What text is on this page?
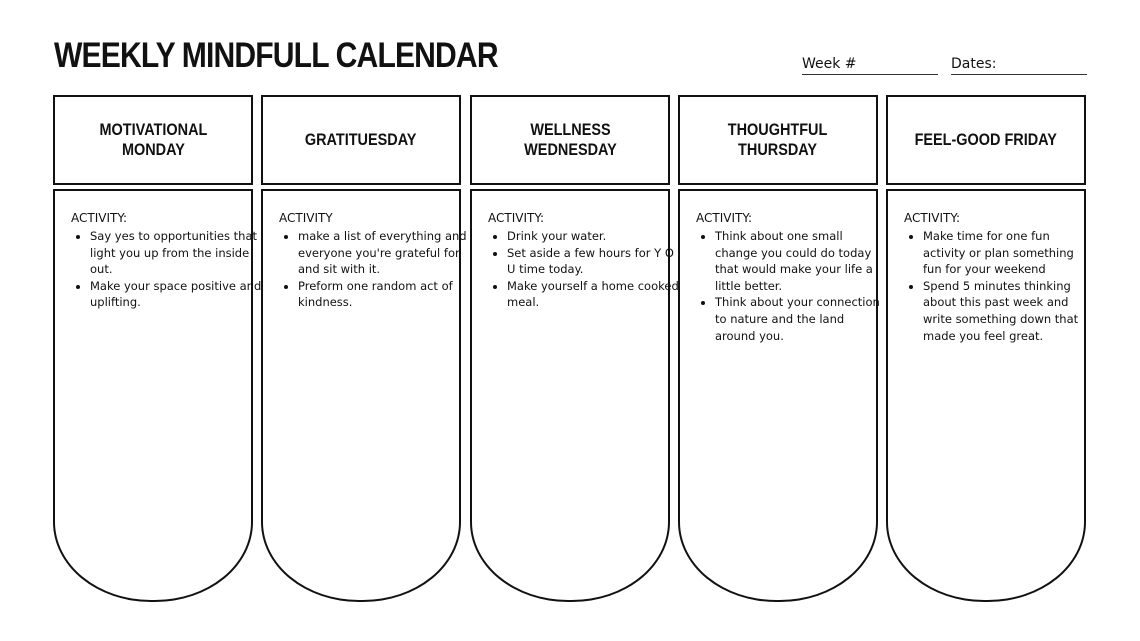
WEEKLY MINDFULL CALENDAR	Week #	Dates:
MOTIVATIONAL
MONDAY
ACTIVITY:
• Say yes to opportunities that light you up from the inside out.
• Make your space positive and uplifting.
GRATITUESDAY
ACTIVITY
• make a list of everything and everyone you're grateful for and sit with it.
• Preform one random act of kindness.
WELLNESS
WEDNESDAY
ACTIVITY:
• Drink your water.
• Set aside a few hours for Y O U time today.
• Make yourself a home cooked meal.
THOUGHTFUL
THURSDAY
ACTIVITY:
• Think about one small change you could do today that would make your life a little better.
• Think about your connection to nature and the land around you.
FEEL-GOOD FRIDAY
ACTIVITY:
• Make time for one fun activity or plan something fun for your weekend
• Spend 5 minutes thinking about this past week and write something down that made you feel great.
